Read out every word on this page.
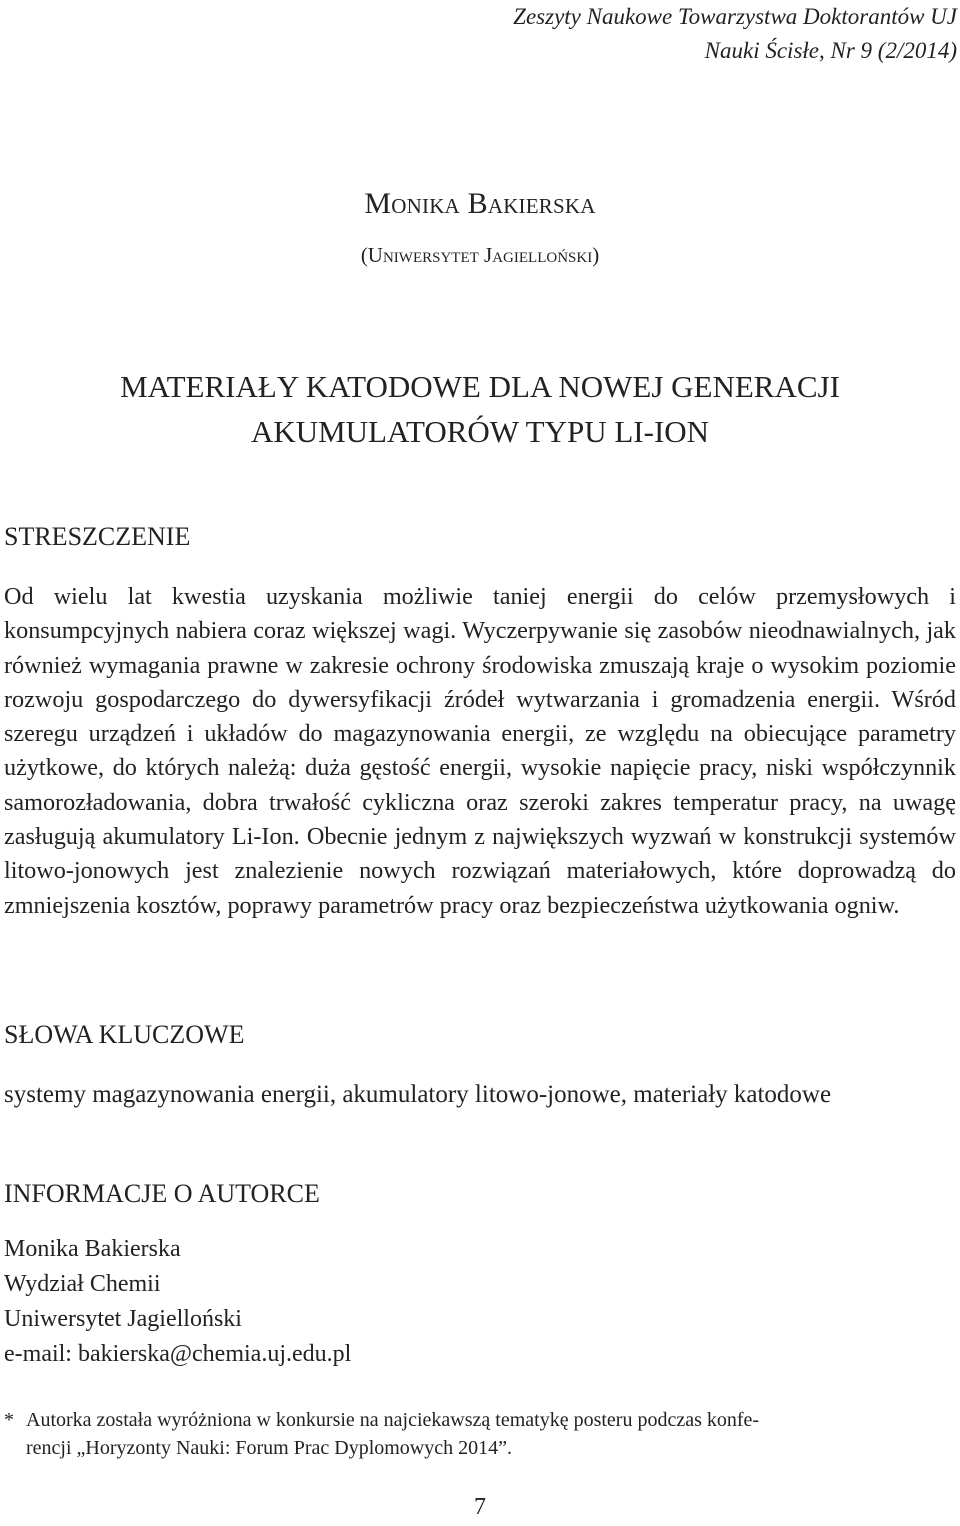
Zeszyty Naukowe Towarzystwa Doktorantów UJ
Nauki Ścisłe, Nr 9 (2/2014)
Monika Bakierska
(Uniwersytet Jagielloński)
MATERIAŁY KATODOWE DLA NOWEJ GENERACJI
AKUMULATORÓW TYPU LI-ION
STRESZCZENIE
Od wielu lat kwestia uzyskania możliwie taniej energii do celów przemysłowych i konsumpcyjnych nabiera coraz większej wagi. Wyczerpywanie się zasobów nieodnawialnych, jak również wymagania prawne w zakresie ochrony środowiska zmuszają kraje o wysokim poziomie rozwoju gospodarczego do dywersyfikacji źródeł wytwarzania i gromadzenia energii. Wśród szeregu urządzeń i układów do magazynowania energii, ze względu na obiecujące parametry użytkowe, do których należą: duża gęstość energii, wysokie napięcie pracy, niski współczynnik samorozładowania, dobra trwałość cykliczna oraz szeroki zakres temperatur pracy, na uwagę zasługują akumulatory Li-Ion. Obecnie jednym z największych wyzwań w konstrukcji systemów litowo-jonowych jest znalezienie nowych rozwiązań materiałowych, które doprowadzą do zmniejszenia kosztów, poprawy parametrów pracy oraz bezpieczeństwa użytkowania ogniw.
SŁOWA KLUCZOWE
systemy magazynowania energii, akumulatory litowo-jonowe, materiały katodowe
INFORMACJE O AUTORCE
Monika Bakierska
Wydział Chemii
Uniwersytet Jagielloński
e-mail: bakierska@chemia.uj.edu.pl
* Autorka została wyróżniona w konkursie na najciekawszą tematykę posteru podczas konfe-
rencji „Horyzonty Nauki: Forum Prac Dyplomowych 2014”.
7
